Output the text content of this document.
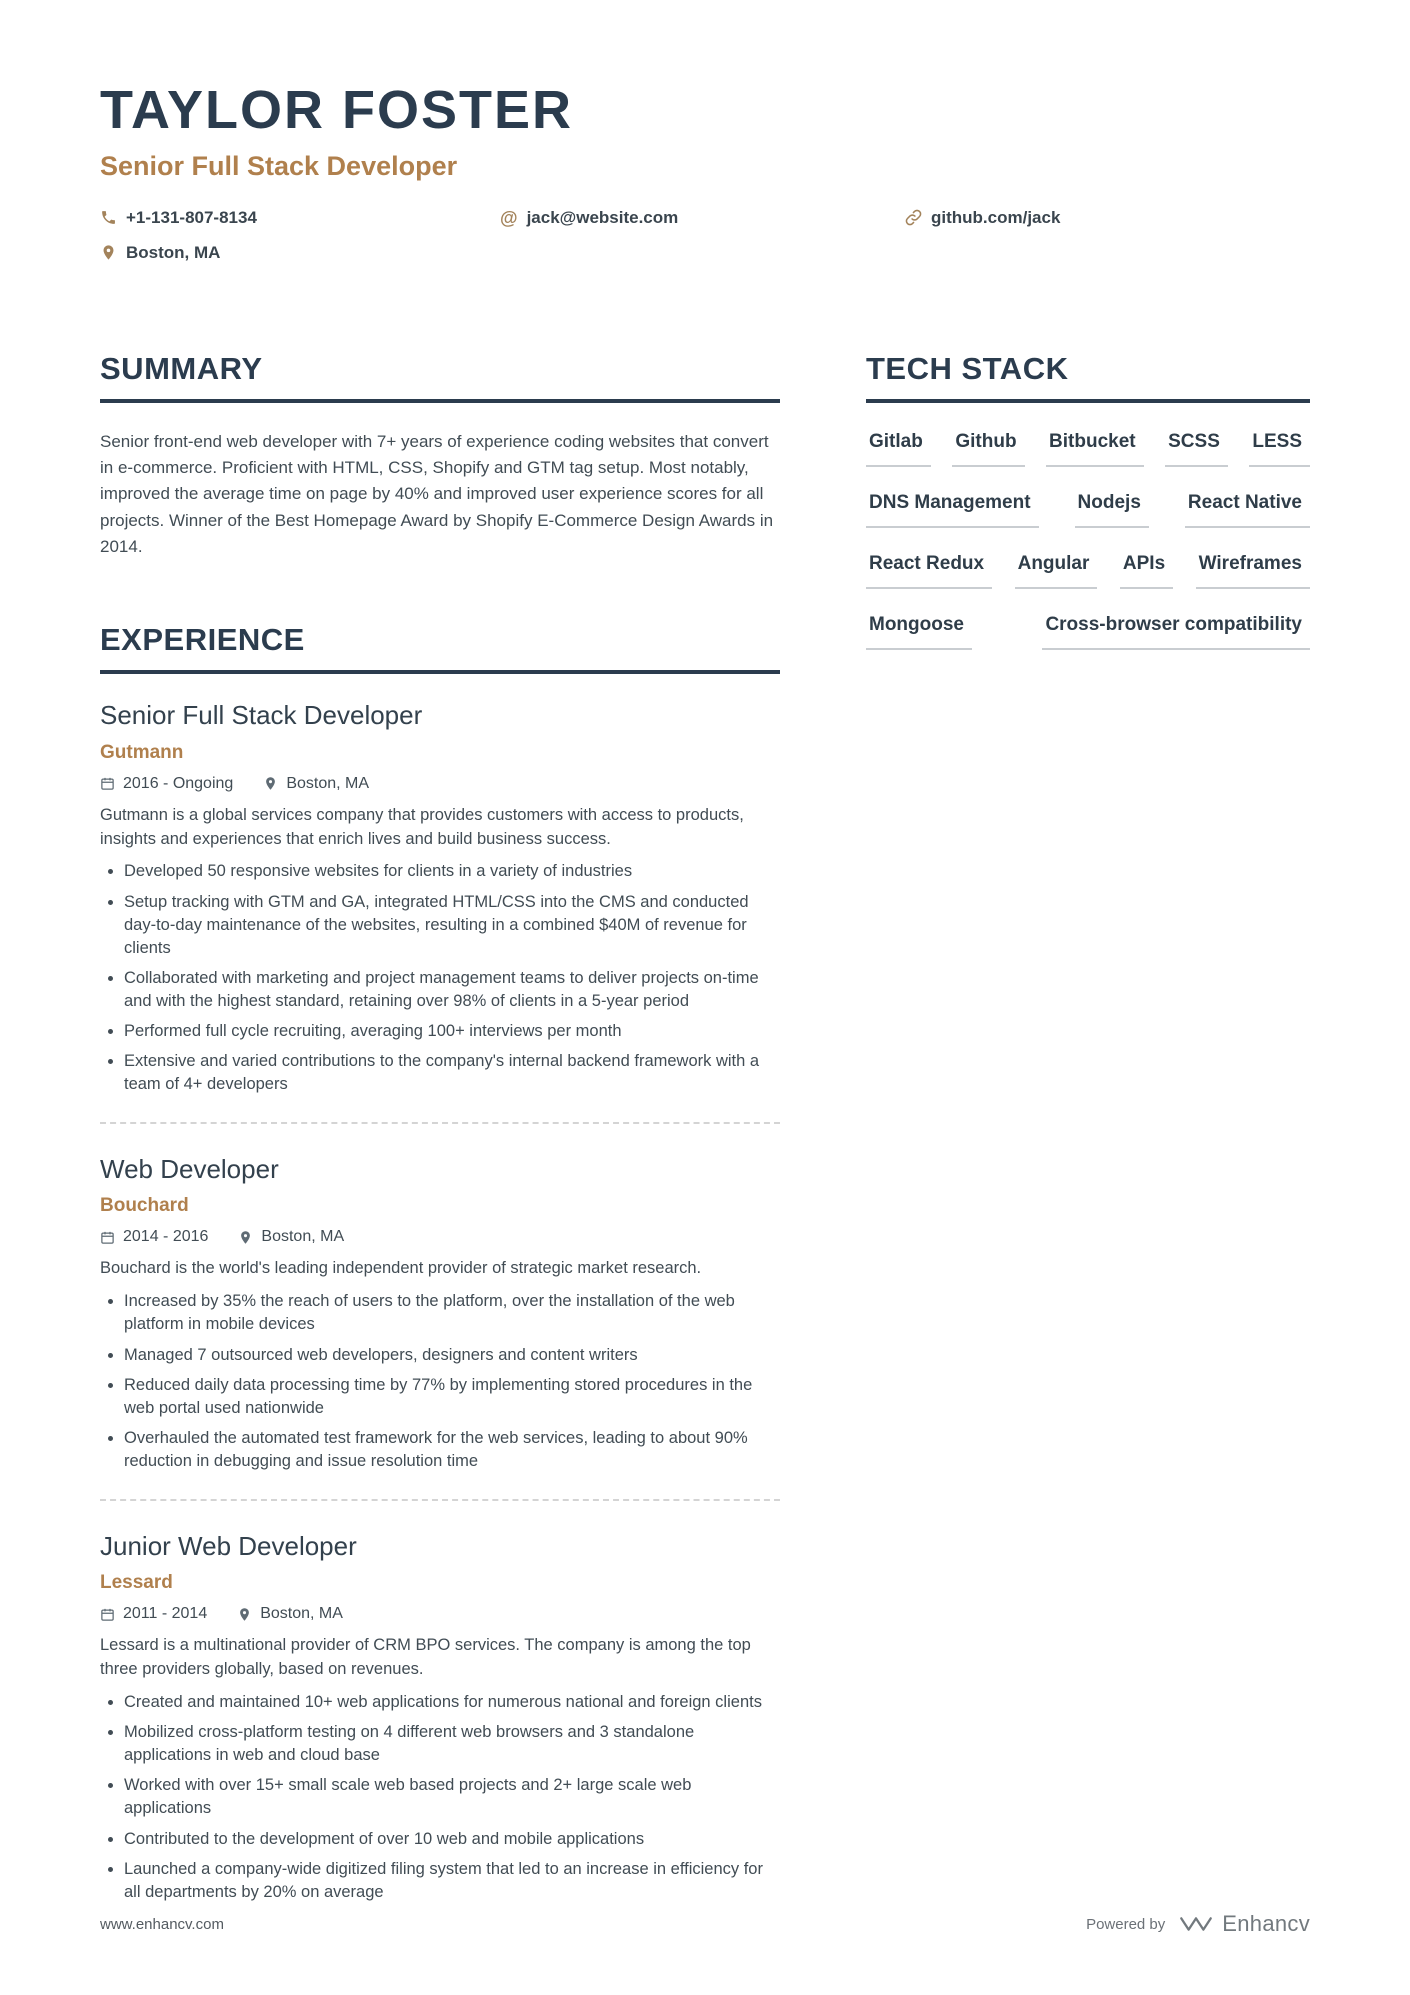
TAYLOR FOSTER
Senior Full Stack Developer
+1-131-807-8134	@ jack@website.com	github.com/jack
Boston, MA
SUMMARY

Senior front-end web developer with 7+ years of experience coding websites that convert in e-commerce. Proficient with HTML, CSS, Shopify and GTM tag setup. Most notably, improved the average time on page by 40% and improved user experience scores for all projects. Winner of the Best Homepage Award by Shopify E-Commerce Design Awards in 2014.

EXPERIENCE
Senior Full Stack Developer
Gutmann
2016 - Ongoing	Boston, MA

Gutmann is a global services company that provides customers with access to products, insights and experiences that enrich lives and build business success.

• Developed 50 responsive websites for clients in a variety of industries
• Setup tracking with GTM and GA, integrated HTML/CSS into the CMS and conducted day-to-day maintenance of the websites, resulting in a combined $40M of revenue for clients
• Collaborated with marketing and project management teams to deliver projects on-time and with the highest standard, retaining over 98% of clients in a 5-year period
• Performed full cycle recruiting, averaging 100+ interviews per month
• Extensive and varied contributions to the company's internal backend framework with a team of 4+ developers
Web Developer
Bouchard
2014 - 2016	Boston, MA

Bouchard is the world's leading independent provider of strategic market research.

• Increased by 35% the reach of users to the platform, over the installation of the web platform in mobile devices
• Managed 7 outsourced web developers, designers and content writers
• Reduced daily data processing time by 77% by implementing stored procedures in the web portal used nationwide
• Overhauled the automated test framework for the web services, leading to about 90% reduction in debugging and issue resolution time
Junior Web Developer
Lessard
2011 - 2014	Boston, MA

Lessard is a multinational provider of CRM BPO services. The company is among the top three providers globally, based on revenues.

• Created and maintained 10+ web applications for numerous national and foreign clients
• Mobilized cross-platform testing on 4 different web browsers and 3 standalone applications in web and cloud base
• Worked with over 15+ small scale web based projects and 2+ large scale web applications
• Contributed to the development of over 10 web and mobile applications
• Launched a company-wide digitized filing system that led to an increase in efficiency for all departments by 20% on average
TECH STACK
Gitlab	Github	Bitbucket	SCSS	LESS
DNS Management	Nodejs	React Native
React Redux	Angular	APIs	Wireframes
Mongoose	Cross-browser compatibility
www.enhancv.com	Powered by	Enhancv
